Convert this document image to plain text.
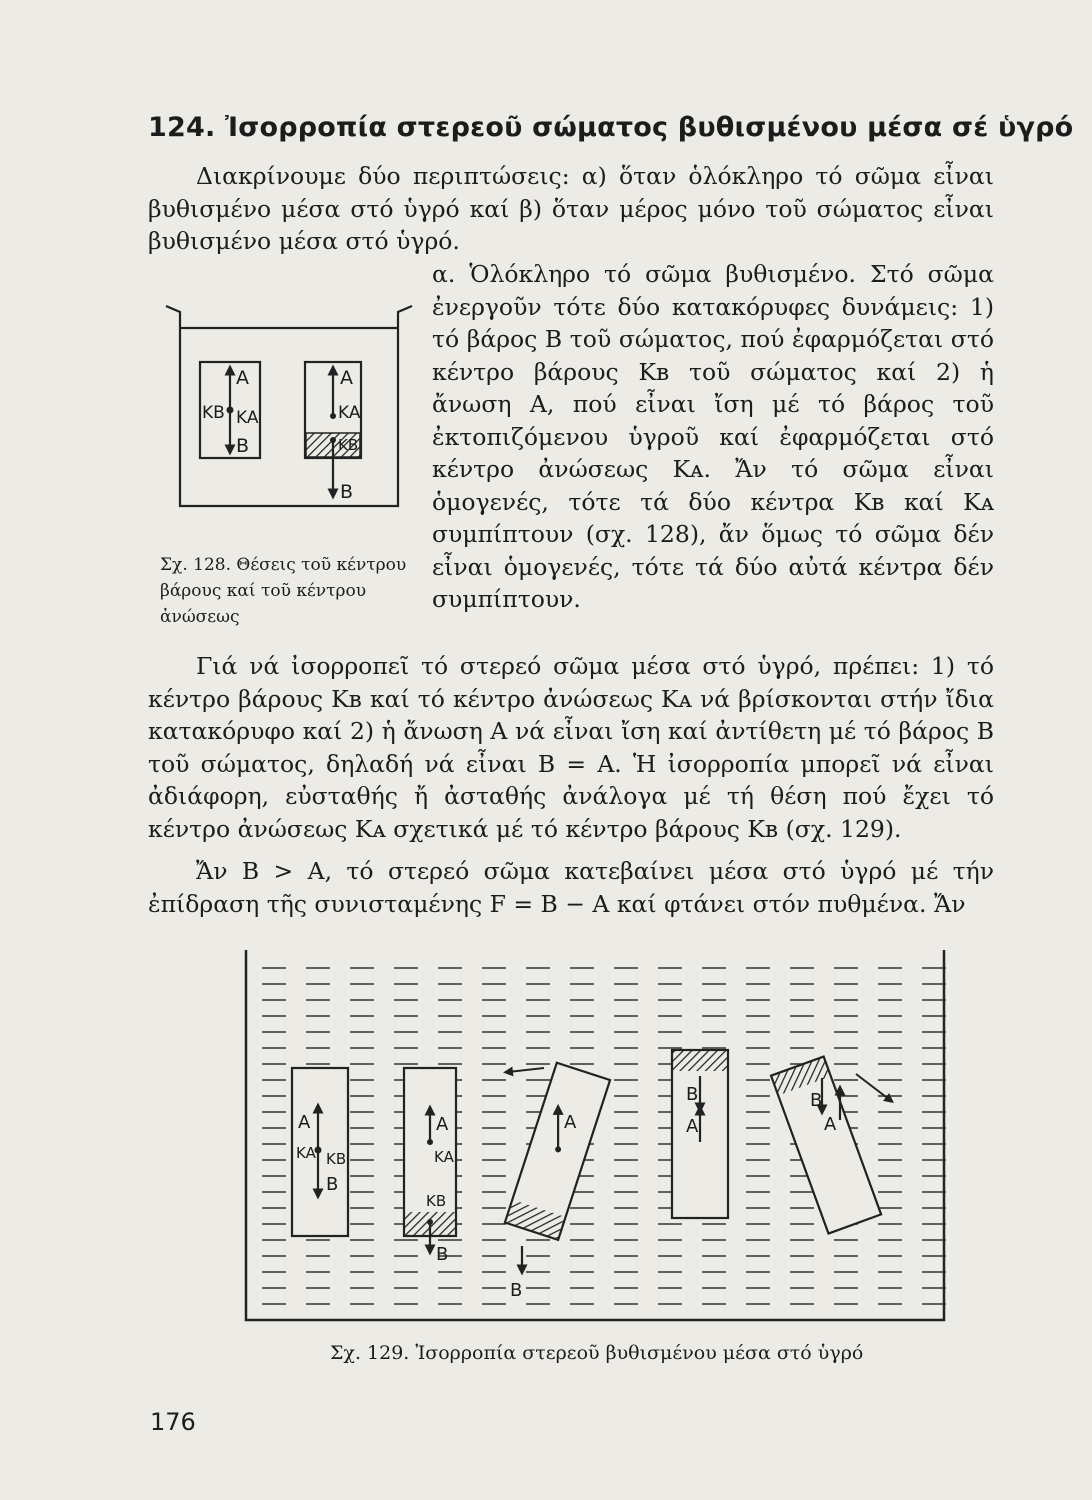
124. Ἰσορροπία στερεοῦ σώματος βυθισμένου μέσα σέ ὑγρό

Διακρίνουμε δύο περιπτώσεις: α) ὅταν ὁλόκληρο τό σῶμα εἶναι βυθισμένο μέσα στό ὑγρό καί β) ὅταν μέρος μόνο τοῦ σώματος εἶναι βυθισμένο μέσα στό ὑγρό.

A
KB KA
B
A
KA
KB
B

α. Ὁλόκληρο τό σῶμα βυθισμένο. Στό σῶμα ἐνεργοῦν τότε δύο κατακόρυφες δυνάμεις: 1) τό βάρος Β τοῦ σώματος, πού ἐφαρμόζεται στό κέντρο βάρους Κʙ τοῦ σώματος καί 2) ἡ ἄνωση Α, πού εἶναι ἴση μέ τό βάρος τοῦ ἐκτοπιζόμενου ὑγροῦ καί ἐφαρμόζεται στό κέντρο ἀνώσεως Κᴀ. Ἄν τό σῶμα εἶναι ὁμογενές, τότε τά δύο κέντρα Κʙ καί Κᴀ συμπίπτουν (σχ. 128), ἄν ὅμως τό σῶμα δέν εἶναι ὁμογενές, τότε τά δύο αὐτά κέντρα δέν συμπίπτουν.

Σχ. 128. Θέσεις τοῦ κέντρου βάρους καί τοῦ κέντρου ἀνώσεως

Γιά νά ἰσορροπεῖ τό στερεό σῶμα μέσα στό ὑγρό, πρέπει: 1) τό κέντρο βάρους Κʙ καί τό κέντρο ἀνώσεως Κᴀ νά βρίσκονται στήν ἴδια κατακόρυφο καί 2) ἡ ἄνωση Α νά εἶναι ἴση καί ἀντίθετη μέ τό βάρος Β τοῦ σώματος, δηλαδή νά εἶναι Β = Α. Ἡ ἰσορροπία μπορεῖ νά εἶναι ἀδιάφορη, εὐσταθής ἤ ἀσταθής ἀνάλογα μέ τή θέση πού ἔχει τό κέντρο ἀνώσεως Κᴀ σχετικά μέ τό κέντρο βάρους Κʙ (σχ. 129).

Ἄν Β > Α, τό στερεό σῶμα κατεβαίνει μέσα στό ὑγρό μέ τήν ἐπίδραση τῆς συνισταμένης F = B − A καί φτάνει στόν πυθμένα. Ἄν

A
KA KB
B
A
KA
KB
B
A
B
B
A
B
A
Σχ. 129. Ἰσορροπία στερεοῦ βυθισμένου μέσα στό ὑγρό
176
